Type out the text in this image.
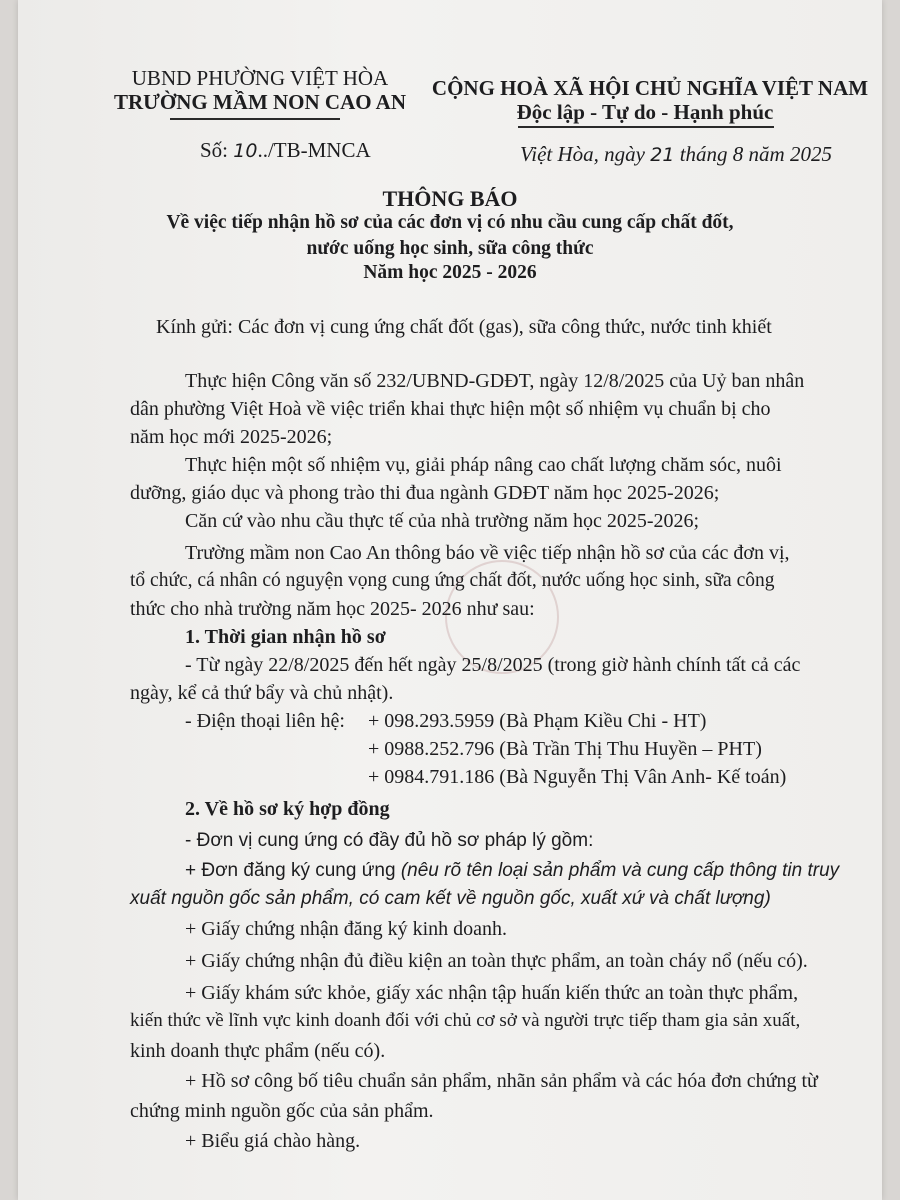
UBND PHƯỜNG VIỆT HÒA
TRƯỜNG MẦM NON CAO AN
Số: 10../TB-MNCA
CỘNG HOÀ XÃ HỘI CHỦ NGHĨA VIỆT NAM
Độc lập - Tự do - Hạnh phúc
Việt Hòa, ngày 21 tháng 8 năm 2025
THÔNG BÁO
Về việc tiếp nhận hồ sơ của các đơn vị có nhu cầu cung cấp chất đốt,
nước uống học sinh, sữa công thức
Năm học 2025 - 2026
Kính gửi: Các đơn vị cung ứng chất đốt (gas), sữa công thức, nước tinh khiết
Thực hiện Công văn số 232/UBND-GDĐT, ngày 12/8/2025 của Uỷ ban nhân
dân phường Việt Hoà về việc triển khai thực hiện một số nhiệm vụ chuẩn bị cho
năm học mới 2025-2026;
Thực hiện một số nhiệm vụ, giải pháp nâng cao chất lượng chăm sóc, nuôi
dưỡng, giáo dục và phong trào thi đua ngành GDĐT năm học 2025-2026;
Căn cứ vào nhu cầu thực tế của nhà trường năm học 2025-2026;
Trường mầm non Cao An thông báo về việc tiếp nhận hồ sơ của các đơn vị,
tổ chức, cá nhân có nguyện vọng cung ứng chất đốt, nước uống học sinh, sữa công
thức cho nhà trường năm học 2025- 2026 như sau:
1. Thời gian nhận hồ sơ
- Từ ngày 22/8/2025 đến hết ngày 25/8/2025 (trong giờ hành chính tất cả các
ngày, kể cả thứ bẩy và chủ nhật).
- Điện thoại liên hệ: + 098.293.5959 (Bà Phạm Kiều Chi - HT)
+ 0988.252.796 (Bà Trần Thị Thu Huyền – PHT)
+ 0984.791.186 (Bà Nguyễn Thị Vân Anh- Kế toán)
2. Về hồ sơ ký hợp đồng
- Đơn vị cung ứng có đầy đủ hồ sơ pháp lý gồm:
+ Đơn đăng ký cung ứng (nêu rõ tên loại sản phẩm và cung cấp thông tin truy
xuất nguồn gốc sản phẩm, có cam kết về nguồn gốc, xuất xứ và chất lượng)
+ Giấy chứng nhận đăng ký kinh doanh.
+ Giấy chứng nhận đủ điều kiện an toàn thực phẩm, an toàn cháy nổ (nếu có).
+ Giấy khám sức khỏe, giấy xác nhận tập huấn kiến thức an toàn thực phẩm,
kiến thức về lĩnh vực kinh doanh đối với chủ cơ sở và người trực tiếp tham gia sản xuất,
kinh doanh thực phẩm (nếu có).
+ Hồ sơ công bố tiêu chuẩn sản phẩm, nhãn sản phẩm và các hóa đơn chứng từ
chứng minh nguồn gốc của sản phẩm.
+ Biểu giá chào hàng.
